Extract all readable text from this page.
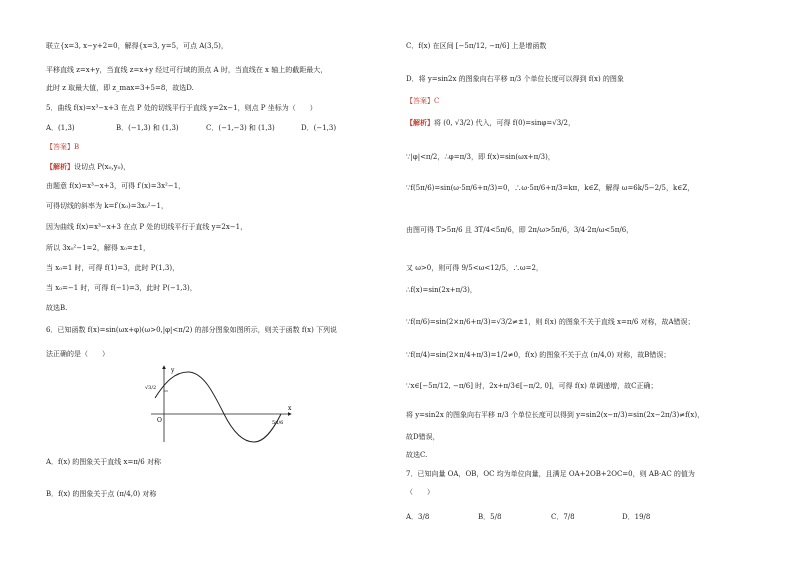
联立{x=3, x−y+2=0，解得{x=3, y=5，可点 A(3,5)，
平移直线 z=x+y，当直线 z=x+y 经过可行域的顶点 A 时，当直线在 x 轴上的截距最大，
此时 z 取最大值，即 z_max=3+5=8，故选D.
5．曲线 f(x)=x³−x+3 在点 P 处的切线平行于直线 y=2x−1，则点 P 坐标为（　　）
A．(1,3)	B．(−1,3) 和 (1,3)	C．(−1,−3) 和 (1,3)	D．(−1,3)
【答案】B
【解析】设切点 P(x₀,y₀)，
由题意 f(x)=x³−x+3，可得 f′(x)=3x²−1，
可得切线的斜率为 k=f′(x₀)=3x₀²−1，
因为曲线 f(x)=x³−x+3 在点 P 处的切线平行于直线 y=2x−1，
所以 3x₀²−1=2，解得 x₀=±1，
当 x₀=1 时，可得 f(1)=3，此时 P(1,3)，
当 x₀=−1 时，可得 f(−1)=3，此时 P(−1,3)，
故选B.
6．已知函数 f(x)=sin(ωx+φ)(ω>0,|φ|<π/2) 的部分图象如图所示，则关于函数 f(x) 下列说
法正确的是（　　）
y
x
O
√3/2
5π/6
A．f(x) 的图象关于直线 x=π/6 对称
B．f(x) 的图象关于点 (π/4,0) 对称
C．f(x) 在区间 [−5π/12, −π/6] 上是增函数
D．将 y=sin2x 的图象向右平移 π/3 个单位长度可以得到 f(x) 的图象
【答案】C
【解析】将 (0, √3/2) 代入，可得 f(0)=sinφ=√3/2，
∵|φ|<π/2，∴φ=π/3，即 f(x)=sin(ωx+π/3)，
∵f(5π/6)=sin(ω·5π/6+π/3)=0，∴ω·5π/6+π/3=kπ，k∈Z，解得 ω=6k/5−2/5，k∈Z，
由图可得 T>5π/6 且 3T/4<5π/6，即 2π/ω>5π/6，3/4·2π/ω<5π/6，
又 ω>0，则可得 9/5<ω<12/5，∴ω=2，
∴f(x)=sin(2x+π/3)，
∵f(π/6)=sin(2×π/6+π/3)=√3/2≠±1，则 f(x) 的图象不关于直线 x=π/6 对称，故A错误；
∵f(π/4)=sin(2×π/4+π/3)=1/2≠0，f(x) 的图象不关于点 (π/4,0) 对称，故B错误；
∵x∈[−5π/12, −π/6] 时，2x+π/3∈[−π/2, 0]，可得 f(x) 单调递增，故C正确；
将 y=sin2x 的图象向右平移 π/3 个单位长度可以得到 y=sin2(x−π/3)=sin(2x−2π/3)≠f(x)，
故D错误，
故选C.
7．已知向量 OA，OB，OC 均为单位向量，且满足 OA+2OB+2OC=0，则 AB·AC 的值为
（　　）
A．3/8	B．5/8	C．7/8	D．19/8
